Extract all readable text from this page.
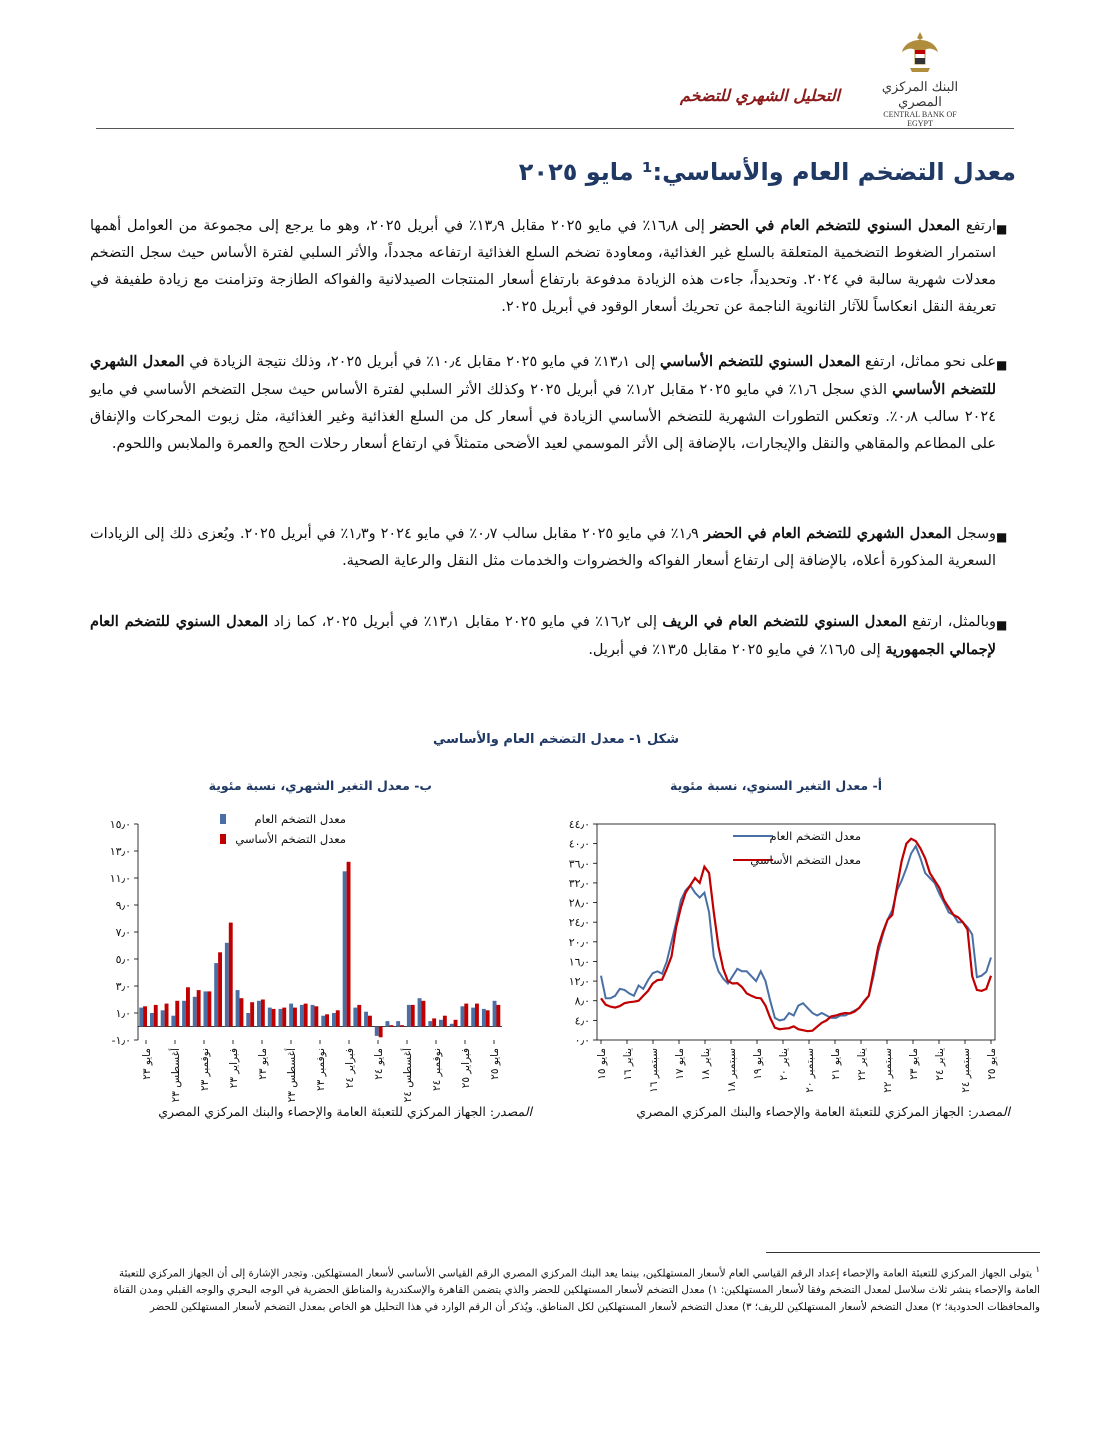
البنك المركزي المصري
CENTRAL BANK OF EGYPT
التحليل الشهري للتضخم
معدل التضخم العام والأساسي:¹ مايو ٢٠٢٥
■
ارتفع المعدل السنوي للتضخم العام في الحضر إلى ١٦٫٨٪ في مايو ٢٠٢٥ مقابل ١٣٫٩٪ في أبريل ٢٠٢٥، وهو ما يرجع إلى مجموعة من العوامل أهمها استمرار الضغوط التضخمية المتعلقة بالسلع غير الغذائية، ومعاودة تضخم السلع الغذائية ارتفاعه مجدداً، والأثر السلبي لفترة الأساس حيث سجل التضخم معدلات شهرية سالبة في ٢٠٢٤. وتحديداً، جاءت هذه الزيادة مدفوعة بارتفاع أسعار المنتجات الصيدلانية والفواكه الطازجة وتزامنت مع زيادة طفيفة في تعريفة النقل انعكاساً للآثار الثانوية الناجمة عن تحريك أسعار الوقود في أبريل ٢٠٢٥.
■
على نحو مماثل، ارتفع المعدل السنوي للتضخم الأساسي إلى ١٣٫١٪ في مايو ٢٠٢٥ مقابل ١٠٫٤٪ في أبريل ٢٠٢٥، وذلك نتيجة الزيادة في المعدل الشهري للتضخم الأساسي الذي سجل ١٫٦٪ في مايو ٢٠٢٥ مقابل ١٫٢٪ في أبريل ٢٠٢٥ وكذلك الأثر السلبي لفترة الأساس حيث سجل التضخم الأساسي في مايو ٢٠٢٤ سالب ٠٫٨٪. وتعكس التطورات الشهرية للتضخم الأساسي الزيادة في أسعار كل من السلع الغذائية وغير الغذائية، مثل زيوت المحركات والإنفاق على المطاعم والمقاهي والنقل والإيجارات، بالإضافة إلى الأثر الموسمي لعيد الأضحى متمثلاً في ارتفاع أسعار رحلات الحج والعمرة والملابس واللحوم.
■
وسجل المعدل الشهري للتضخم العام في الحضر ١٫٩٪ في مايو ٢٠٢٥ مقابل سالب ٠٫٧٪ في مايو ٢٠٢٤ و١٫٣٪ في أبريل ٢٠٢٥. ويُعزى ذلك إلى الزيادات السعرية المذكورة أعلاه، بالإضافة إلى ارتفاع أسعار الفواكه والخضروات والخدمات مثل النقل والرعاية الصحية.
■
وبالمثل، ارتفع المعدل السنوي للتضخم العام في الريف إلى ١٦٫٢٪ في مايو ٢٠٢٥ مقابل ١٣٫١٪ في أبريل ٢٠٢٥، كما زاد المعدل السنوي للتضخم العام لإجمالي الجمهورية إلى ١٦٫٥٪ في مايو ٢٠٢٥ مقابل ١٣٫٥٪ في أبريل.
شكل ١- معدل التضخم العام والأساسي
أ- معدل التغير السنوي، نسبة مئوية
ب- معدل التغير الشهري، نسبة مئوية
٠٫٠
٤٫٠
٨٫٠
١٢٫٠
١٦٫٠
٢٠٫٠
٢٤٫٠
٢٨٫٠
٣٢٫٠
٣٦٫٠
٤٠٫٠
٤٤٫٠
مايو ١٥
يناير ١٦
سبتمبر ١٦ مايو ١٧
يناير ١٨
سبتمبر ١٨ مايو ١٩
يناير ٢٠
سبتمبر ٢٠ مايو ٢١
يناير ٢٢
سبتمبر ٢٢ مايو ٢٣
يناير ٢٤
سبتمبر ٢٤ مايو ٢٥
معدل التضخم العام
معدل التضخم الأساسي
-١٫٠
١٫٠
٣٫٠
٥٫٠
٧٫٠
٩٫٠
١١٫٠
١٣٫٠
١٥٫٠
مايو ٢٣
أغسطس ٢٣ نوفمبر ٢٣
فبراير ٢٣ مايو ٢٣
أغسطس ٢٣ نوفمبر ٢٣
فبراير ٢٤ مايو ٢٤
أغسطس ٢٤ نوفمبر ٢٤
فبراير ٢٥ مايو ٢٥
معدل التضخم العام
معدل التضخم الأساسي
المصدر: الجهاز المركزي للتعبئة العامة والإحصاء والبنك المركزي المصري
المصدر: الجهاز المركزي للتعبئة العامة والإحصاء والبنك المركزي المصري
$^١$ يتولى الجهاز المركزي للتعبئة العامة والإحصاء إعداد الرقم القياسي العام لأسعار المستهلكين، بينما يعد البنك المركزي المصري الرقم القياسي الأساسي لأسعار المستهلكين. وتجدر الإشارة إلى أن الجهاز المركزي للتعبئة العامة والإحصاء ينشر ثلاث سلاسل لمعدل التضخم وفقا لأسعار المستهلكين: ١) معدل التضخم لأسعار المستهلكين للحضر والذي يتضمن القاهرة والإسكندرية والمناطق الحضرية في الوجه البحري والوجه القبلي ومدن القناة والمحافظات الحدودية؛ ٢) معدل التضخم لأسعار المستهلكين للريف؛ ٣) معدل التضخم لأسعار المستهلكين لكل المناطق. ويُذكر أن الرقم الوارد في هذا التحليل هو الخاص بمعدل التضخم لأسعار المستهلكين للحضر
